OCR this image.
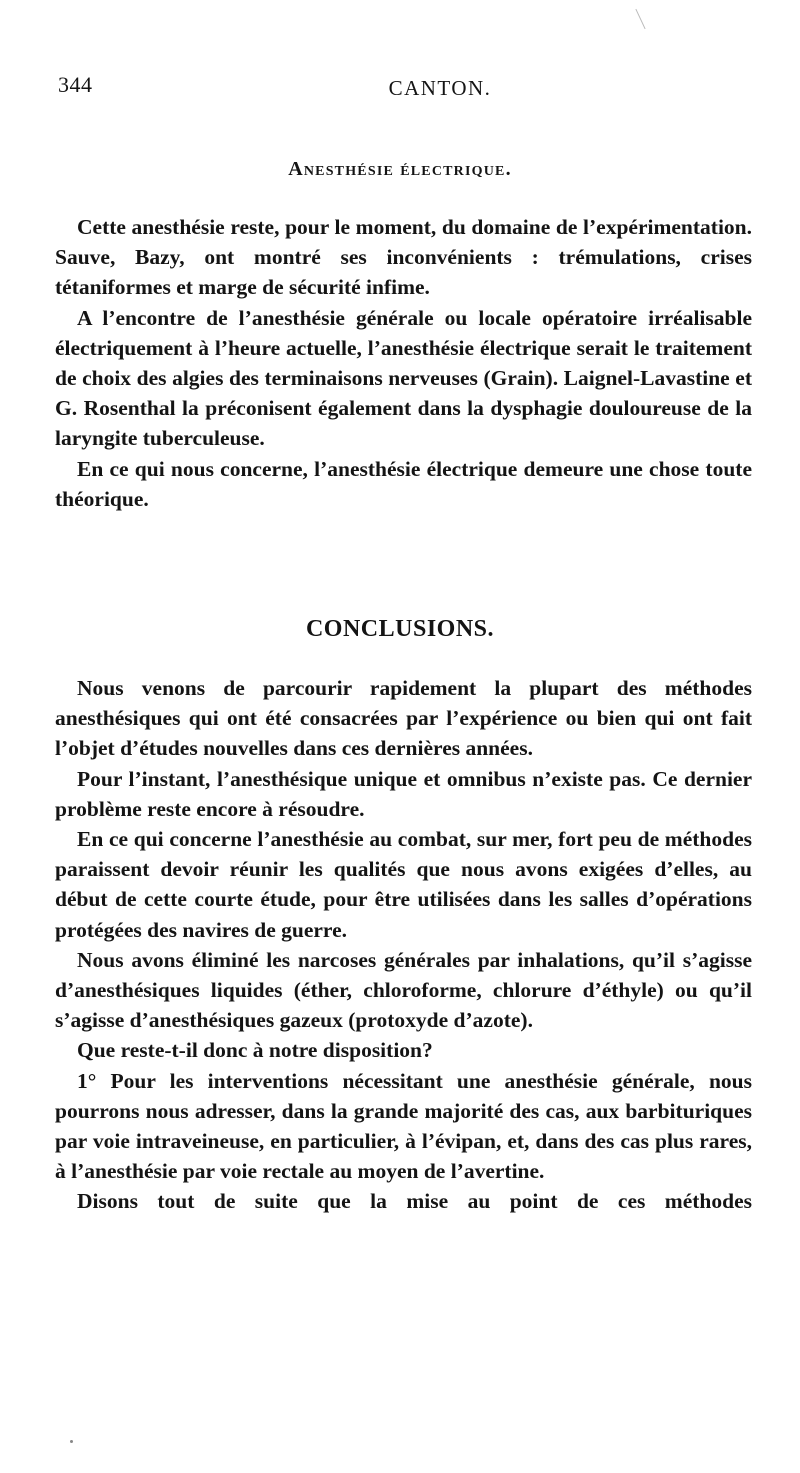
344	CANTON.
Anesthésie électrique.

Cette anesthésie reste, pour le moment, du domaine de l’expérimentation. Sauve, Bazy, ont montré ses inconvénients : trémulations, crises tétaniformes et marge de sécurité infime.

A l’encontre de l’anesthésie générale ou locale opératoire irréalisable électriquement à l’heure actuelle, l’anesthésie électrique serait le traitement de choix des algies des terminaisons nerveuses (Grain). Laignel-Lavastine et G. Rosenthal la préconisent également dans la dysphagie douloureuse de la laryngite tuberculeuse.

En ce qui nous concerne, l’anesthésie électrique demeure une chose toute théorique.

CONCLUSIONS.

Nous venons de parcourir rapidement la plupart des méthodes anesthésiques qui ont été consacrées par l’expérience ou bien qui ont fait l’objet d’études nouvelles dans ces dernières années.

Pour l’instant, l’anesthésique unique et omnibus n’existe pas. Ce dernier problème reste encore à résoudre.

En ce qui concerne l’anesthésie au combat, sur mer, fort peu de méthodes paraissent devoir réunir les qualités que nous avons exigées d’elles, au début de cette courte étude, pour être utilisées dans les salles d’opérations protégées des navires de guerre.

Nous avons éliminé les narcoses générales par inhalations, qu’il s’agisse d’anesthésiques liquides (éther, chloroforme, chlorure d’éthyle) ou qu’il s’agisse d’anesthésiques gazeux (protoxyde d’azote).

Que reste-t-il donc à notre disposition?

1° Pour les interventions nécessitant une anesthésie générale, nous pourrons nous adresser, dans la grande majorité des cas, aux barbituriques par voie intraveineuse, en particulier, à l’évipan, et, dans des cas plus rares, à l’anesthésie par voie rectale au moyen de l’avertine.

Disons tout de suite que la mise au point de ces méthodes
